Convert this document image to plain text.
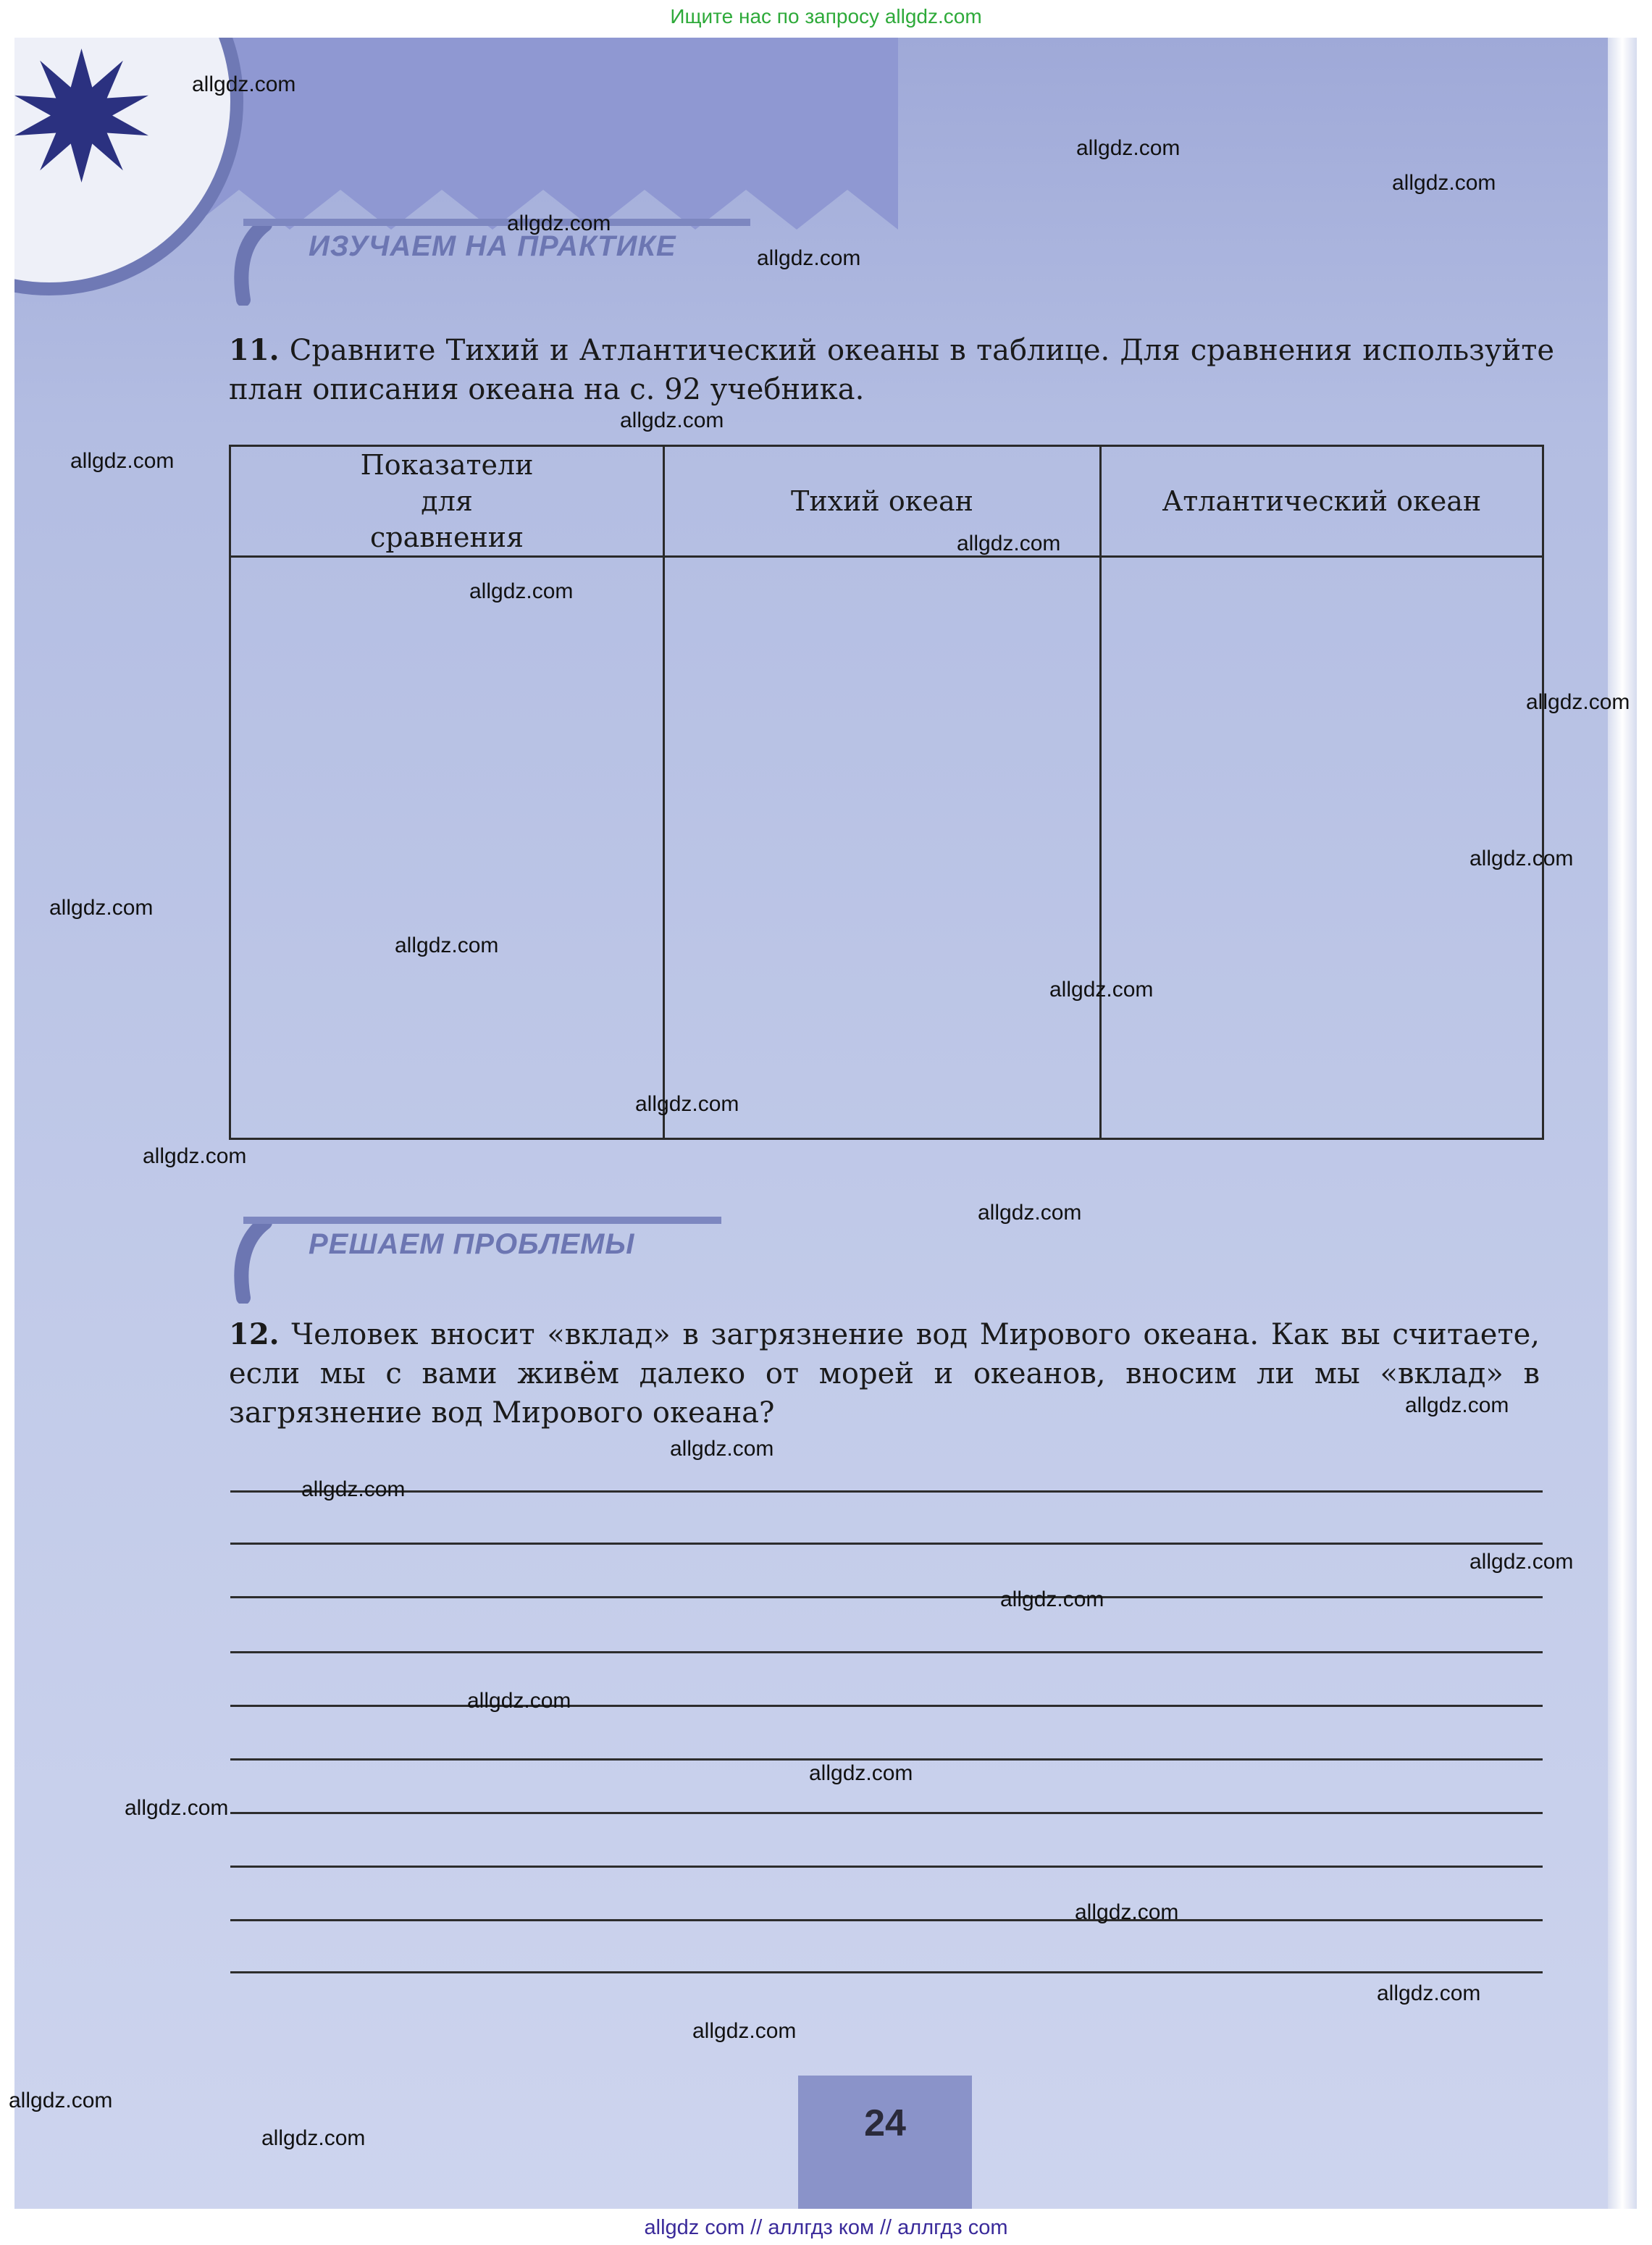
Ищите нас по запросу allgdz.com
ИЗУЧАЕМ НА ПРАКТИКЕ
11. Сравните Тихий и Атлантический океаны в таблице. Для сравнения используйте план описания океана на с. 92 учебника.
Показатели для сравнения	Тихий океан	Атлантический океан

РЕШАЕМ ПРОБЛЕМЫ
12. Человек вносит «вклад» в загрязнение вод Мирового океана. Как вы считаете, если мы с вами живём далеко от морей и океанов, вносим ли мы «вклад» в загрязнение вод Мирового океана?
24
allgdz.com
allgdz.com
allgdz.com
allgdz.com
allgdz.com
allgdz.com
allgdz.com
allgdz.com
allgdz.com
allgdz.com
allgdz.com
allgdz.com
allgdz.com
allgdz.com
allgdz.com
allgdz.com
allgdz.com
allgdz.com
allgdz.com
allgdz.com
allgdz.com
allgdz.com
allgdz.com
allgdz.com
allgdz.com
allgdz.com
allgdz.com
allgdz.com
allgdz.com
allgdz.com
allgdz com // аллгдз ком // аллгдз com
